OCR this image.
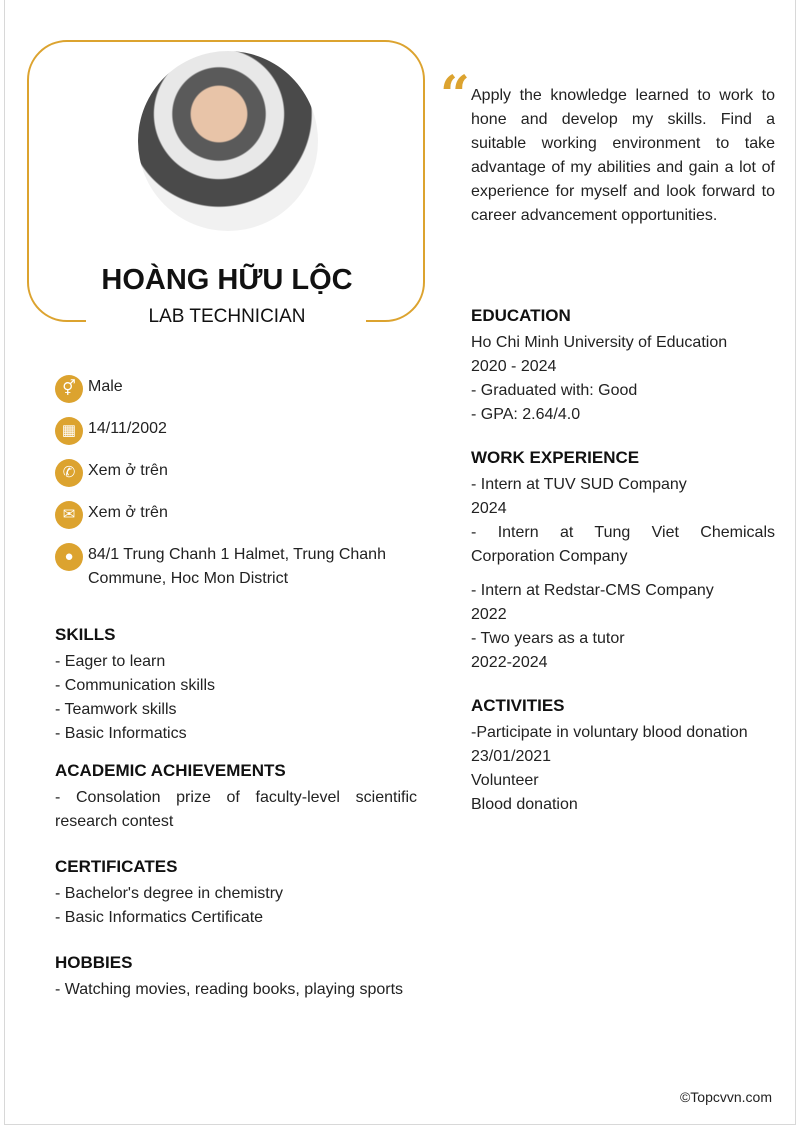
HOÀNG HỮU LỘC
LAB TECHNICIAN
“ Apply the knowledge learned to work to hone and develop my skills. Find a suitable working environment to take advantage of my abilities and gain a lot of experience for myself and look forward to career advancement opportunities.
⚥ Male
▦ 14/11/2002
✆ Xem ở trên
✉ Xem ở trên
● 84/1 Trung Chanh 1 Halmet, Trung Chanh Commune, Hoc Mon District
SKILLS
- Eager to learn
- Communication skills
- Teamwork skills
- Basic Informatics
ACADEMIC ACHIEVEMENTS
- Consolation prize of faculty-level scientific research contest
CERTIFICATES
- Bachelor's degree in chemistry
- Basic Informatics Certificate
HOBBIES
- Watching movies, reading books, playing sports
EDUCATION
Ho Chi Minh University of Education
2020 - 2024
- Graduated with: Good
- GPA: 2.64/4.0
WORK EXPERIENCE
- Intern at TUV SUD Company
2024
- Intern at Tung Viet Chemicals Corporation Company
- Intern at Redstar-CMS Company
2022
- Two years as a tutor
2022-2024
ACTIVITIES
-Participate in voluntary blood donation
23/01/2021
Volunteer
Blood donation
©Topcvvn.com
